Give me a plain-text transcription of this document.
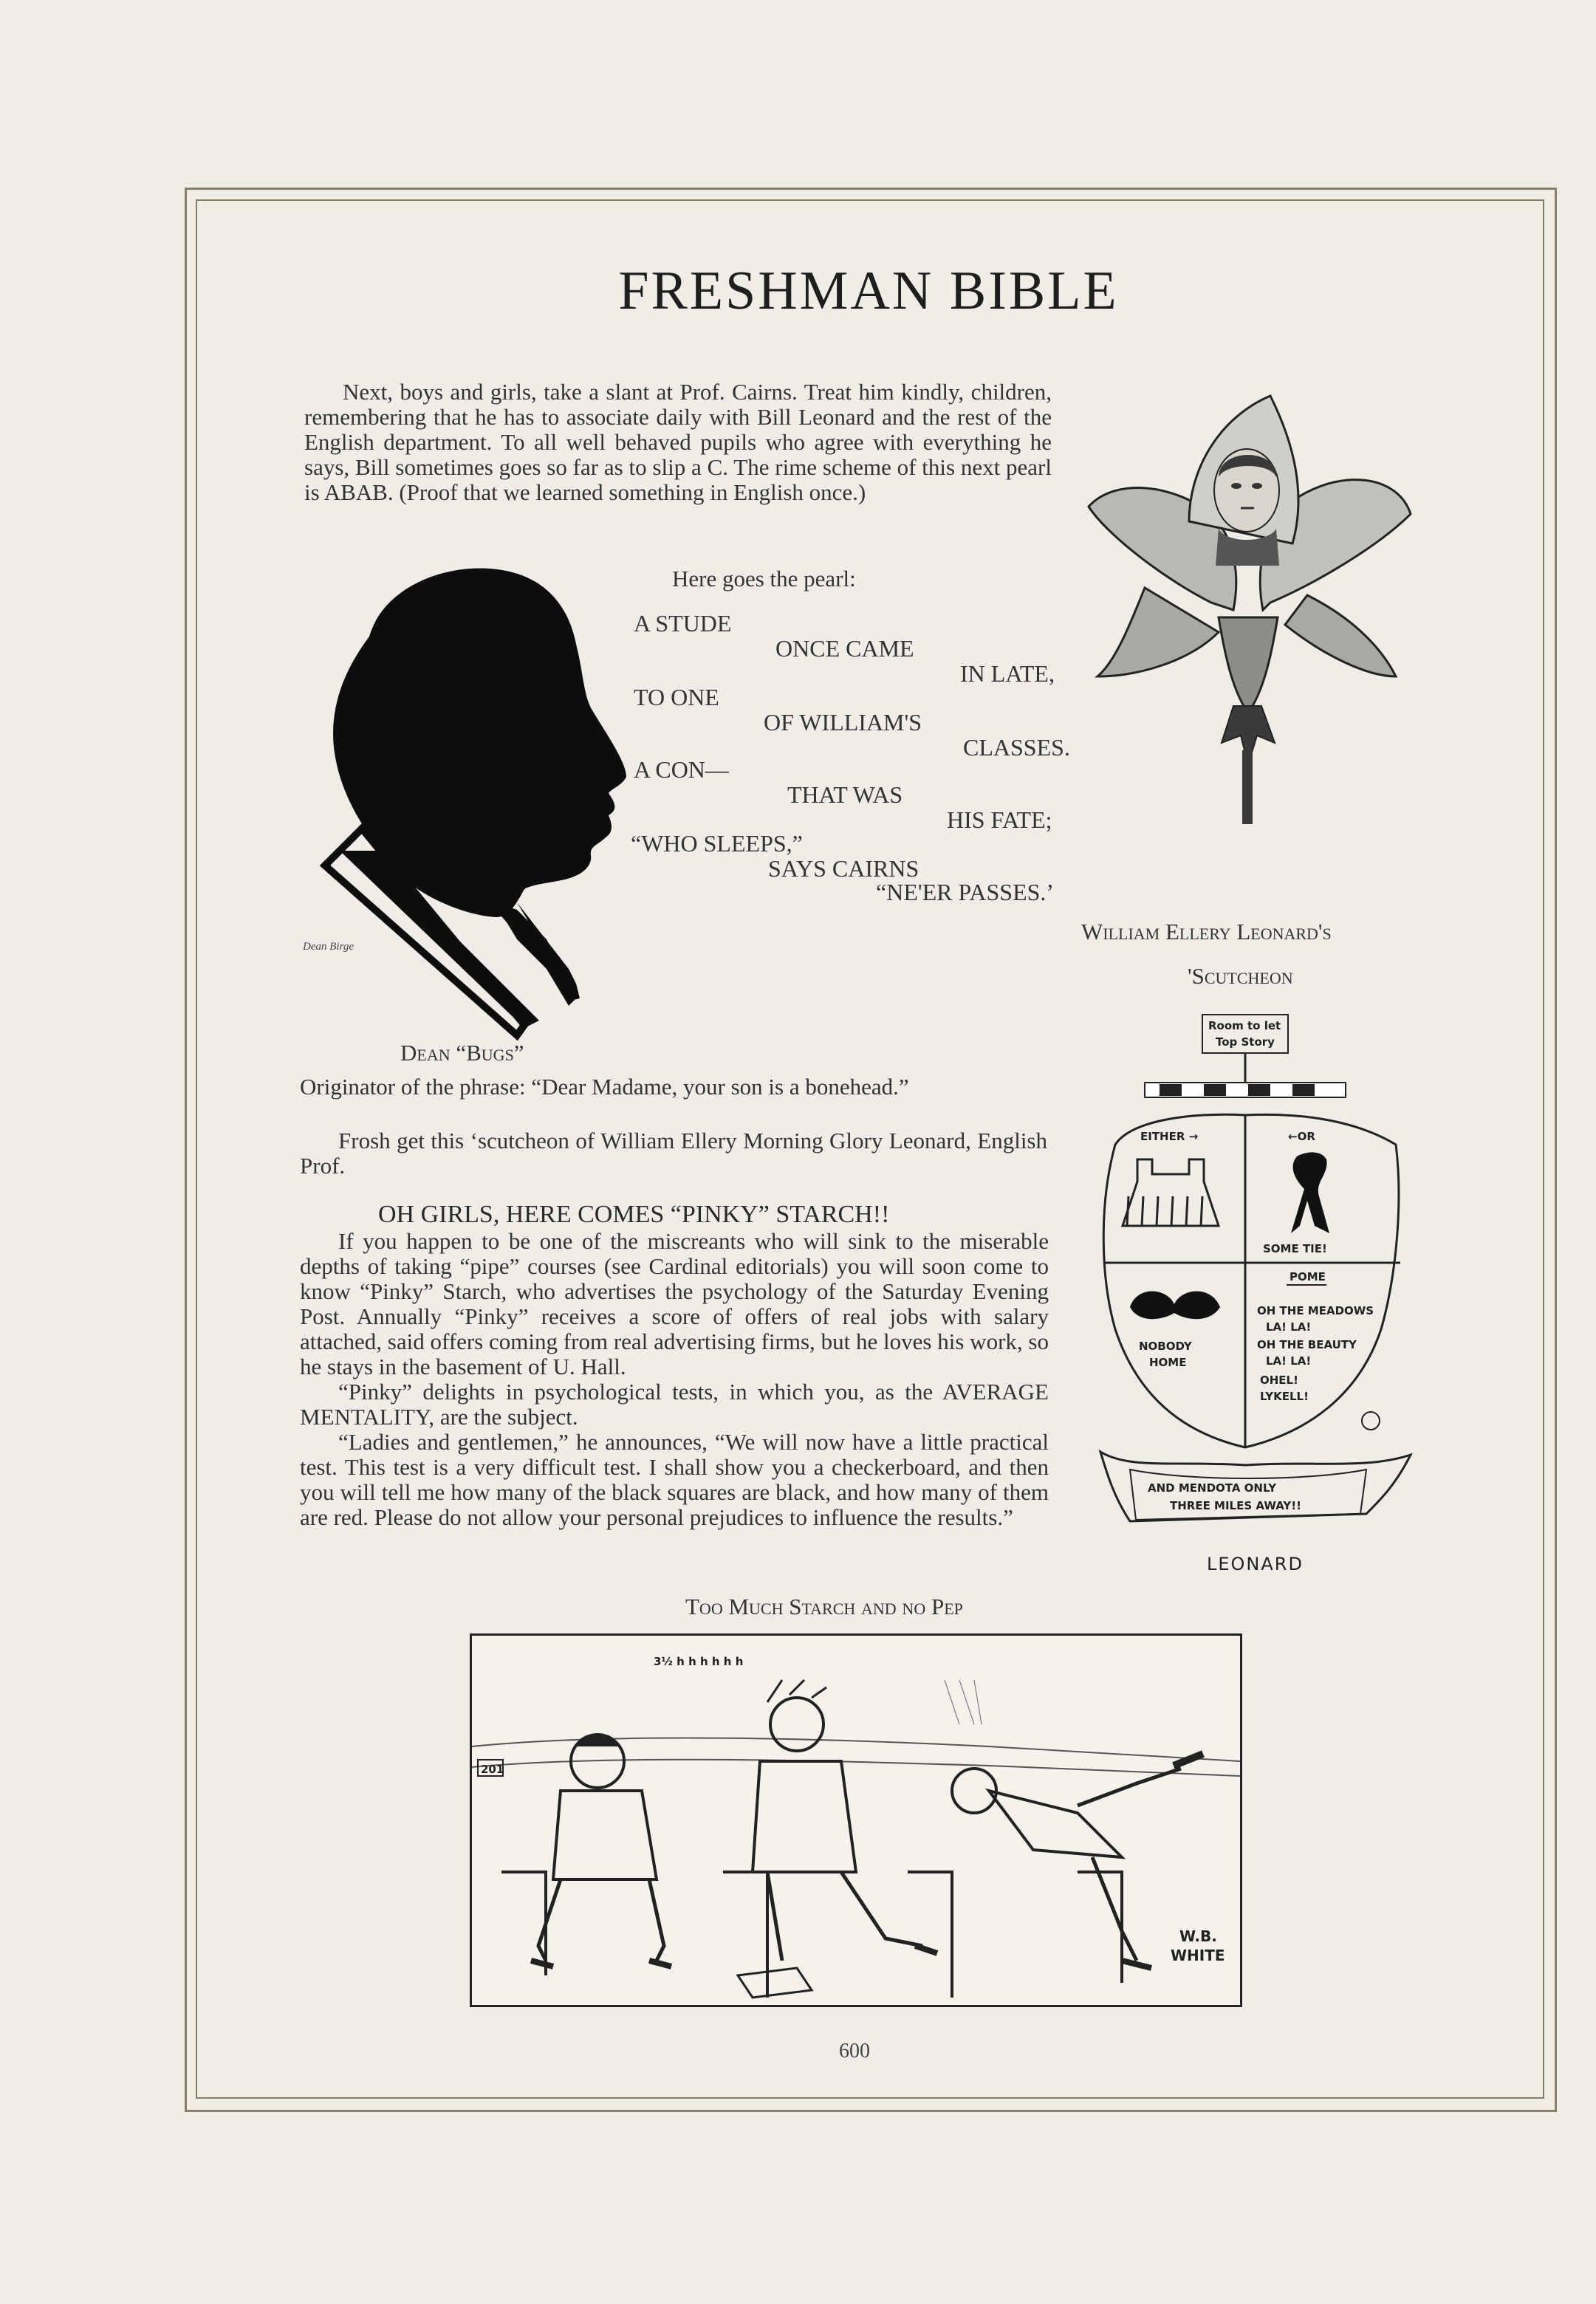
FRESHMAN BIBLE

Next, boys and girls, take a slant at Prof. Cairns. Treat him kindly, children, remembering that he has to associate daily with Bill Leonard and the rest of the English department. To all well behaved pupils who agree with everything he says, Bill sometimes goes so far as to slip a C. The rime scheme of this next pearl is ABAB. (Proof that we learned something in English once.)

Dean Birge
Here goes the pearl:
A STUDE
ONCE CAME
IN LATE,
TO ONE
OF WILLIAM'S
CLASSES.
A CON—
THAT WAS
HIS FATE;
“WHO SLEEPS,”
SAYS CAIRNS
“NE'ER PASSES.’
William Ellery Leonard's
'Scutcheon
Dean “Bugs”
Originator of the phrase: “Dear Madame, your son is a bonehead.”

Frosh get this ‘scutcheon of William Ellery Morning Glory Leonard, English Prof.

OH GIRLS, HERE COMES “PINKY” STARCH!!

If you happen to be one of the miscreants who will sink to the miserable depths of taking “pipe” courses (see Cardinal editorials) you will soon come to know “Pinky” Starch, who advertises the psychology of the Saturday Evening Post. Annually “Pinky” receives a score of offers of real jobs with salary attached, said offers coming from real advertising firms, but he loves his work, so he stays in the basement of U. Hall.

“Pinky” delights in psychological tests, in which you, as the AVERAGE MENTALITY, are the subject.

“Ladies and gentlemen,” he announces, “We will now have a little practical test. This test is a very difficult test. I shall show you a checkerboard, and then you will tell me how many of the black squares are black, and how many of them are red. Please do not allow your personal prejudices to influence the results.”

Room to let
Top Story
EITHER →	←OR
SOME TIE!
POME
OH THE MEADOWS
LA! LA!
OH THE BEAUTY
LA! LA!
OHEL!
LYKELL!
NOBODY
HOME
AND MENDOTA ONLY
THREE MILES AWAY!!
LEONARD
Too Much Starch and no Pep
201
3½ h h h h h h
W.B.
WHITE
600
